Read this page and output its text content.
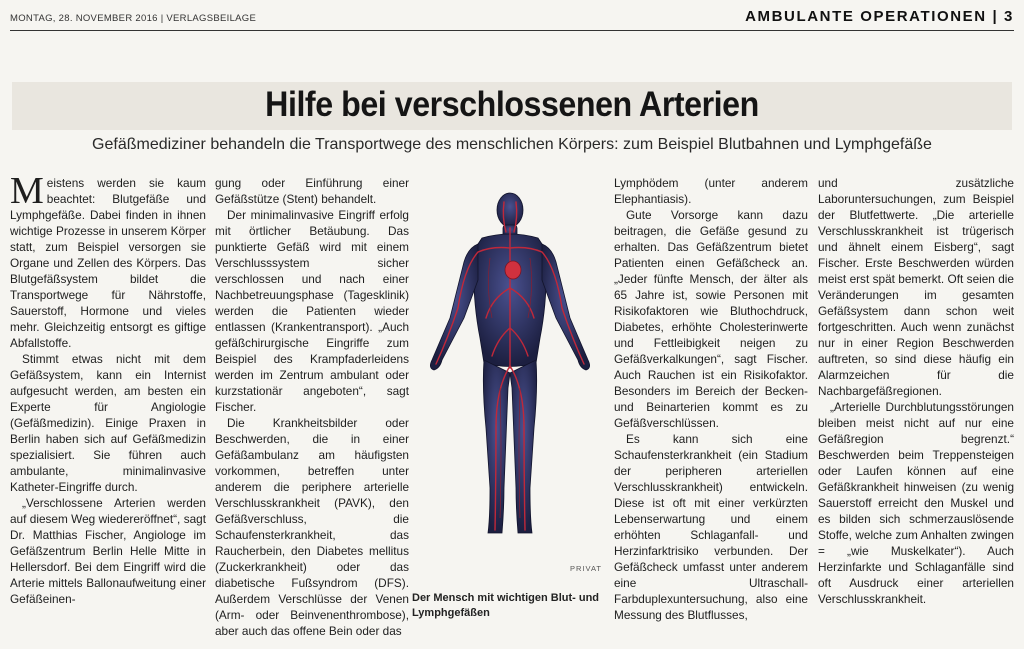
MONTAG, 28. NOVEMBER 2016 | VERLAGSBEILAGE	AMBULANTE OPERATIONEN | 3
Hilfe bei verschlossenen Arterien
Gefäßmediziner behandeln die Transportwege des menschlichen Körpers: zum Beispiel Blutbahnen und Lymphgefäße

Meistens werden sie kaum beachtet: Blutgefäße und Lymphgefäße. Dabei finden in ihnen wichtige Prozesse in unserem Körper statt, zum Beispiel versorgen sie Organe und Zellen des Körpers. Das Blutgefäßsystem bildet die Transportwege für Nährstoffe, Sauerstoff, Hormone und vieles mehr. Gleichzeitig entsorgt es giftige Abfallstoffe.

Stimmt etwas nicht mit dem Gefäßsystem, kann ein Internist aufgesucht werden, am besten ein Experte für Angiologie (Gefäßmedizin). Einige Praxen in Berlin haben sich auf Gefäßmedizin spezialisiert. Sie führen auch ambulante, minimalinvasive Katheter-Eingriffe durch.

„Verschlossene Arterien werden auf diesem Weg wiedereröffnet“, sagt Dr. Matthias Fischer, Angiologe im Gefäßzentrum Berlin Helle Mitte in Hellersdorf. Bei dem Eingriff wird die Arterie mittels Ballonaufweitung einer Gefäßeinen-

gung oder Einführung einer Gefäßstütze (Stent) behandelt.

Der minimalinvasive Eingriff erfolg mit örtlicher Betäubung. Das punktierte Gefäß wird mit einem Verschlusssystem sicher verschlossen und nach einer Nachbetreuungsphase (Tagesklinik) werden die Patienten wieder entlassen (Krankentransport). „Auch gefäßchirurgische Eingriffe zum Beispiel des Krampfaderleidens werden im Zentrum ambulant oder kurzstationär angeboten“, sagt Fischer.

Die Krankheitsbilder oder Beschwerden, die in einer Gefäßambulanz am häufigsten vorkommen, betreffen unter anderem die periphere arterielle Verschlusskrankheit (PAVK), den Gefäßverschluss, die Schaufensterkrankheit, das Raucherbein, den Diabetes mellitus (Zuckerkrankheit) oder das diabetische Fußsyndrom (DFS). Außerdem Verschlüsse der Venen (Arm- oder Beinvenenthrombose), aber auch das offene Bein oder das

PRIVAT
Der Mensch mit wichtigen Blut- und Lymphgefäßen

Lymphödem (unter anderem Elephantiasis).

Gute Vorsorge kann dazu beitragen, die Gefäße gesund zu erhalten. Das Gefäßzentrum bietet Patienten einen Gefäßcheck an. „Jeder fünfte Mensch, der älter als 65 Jahre ist, sowie Personen mit Risikofaktoren wie Bluthochdruck, Diabetes, erhöhte Cholesterinwerte und Fettleibigkeit neigen zu Gefäßverkalkungen“, sagt Fischer. Auch Rauchen ist ein Risikofaktor. Besonders im Bereich der Becken- und Beinarterien kommt es zu Gefäßverschlüssen.

Es kann sich eine Schaufensterkrankheit (ein Stadium der peripheren arteriellen Verschlusskrankheit) entwickeln. Diese ist oft mit einer verkürzten Lebenserwartung und einem erhöhten Schlaganfall- und Herzinfarktrisiko verbunden. Der Gefäßcheck umfasst unter anderem eine Ultraschall-Farbduplexuntersuchung, also eine Messung des Blutflusses,

und zusätzliche Laboruntersuchungen, zum Beispiel der Blutfettwerte. „Die arterielle Verschlusskrankheit ist trügerisch und ähnelt einem Eisberg“, sagt Fischer. Erste Beschwerden würden meist erst spät bemerkt. Oft seien die Veränderungen im gesamten Gefäßsystem dann schon weit fortgeschritten. Auch wenn zunächst nur in einer Region Beschwerden auftreten, so sind diese häufig ein Alarmzeichen für die Nachbargefäßregionen.

„Arterielle Durchblutungsstörungen bleiben meist nicht auf nur eine Gefäßregion begrenzt.“ Beschwerden beim Treppensteigen oder Laufen können auf eine Gefäßkrankheit hinweisen (zu wenig Sauerstoff erreicht den Muskel und es bilden sich schmerzauslösende Stoffe, welche zum Anhalten zwingen = „wie Muskelkater“). Auch Herzinfarkte und Schlaganfälle sind oft Ausdruck einer arteriellen Verschlusskrankheit.
